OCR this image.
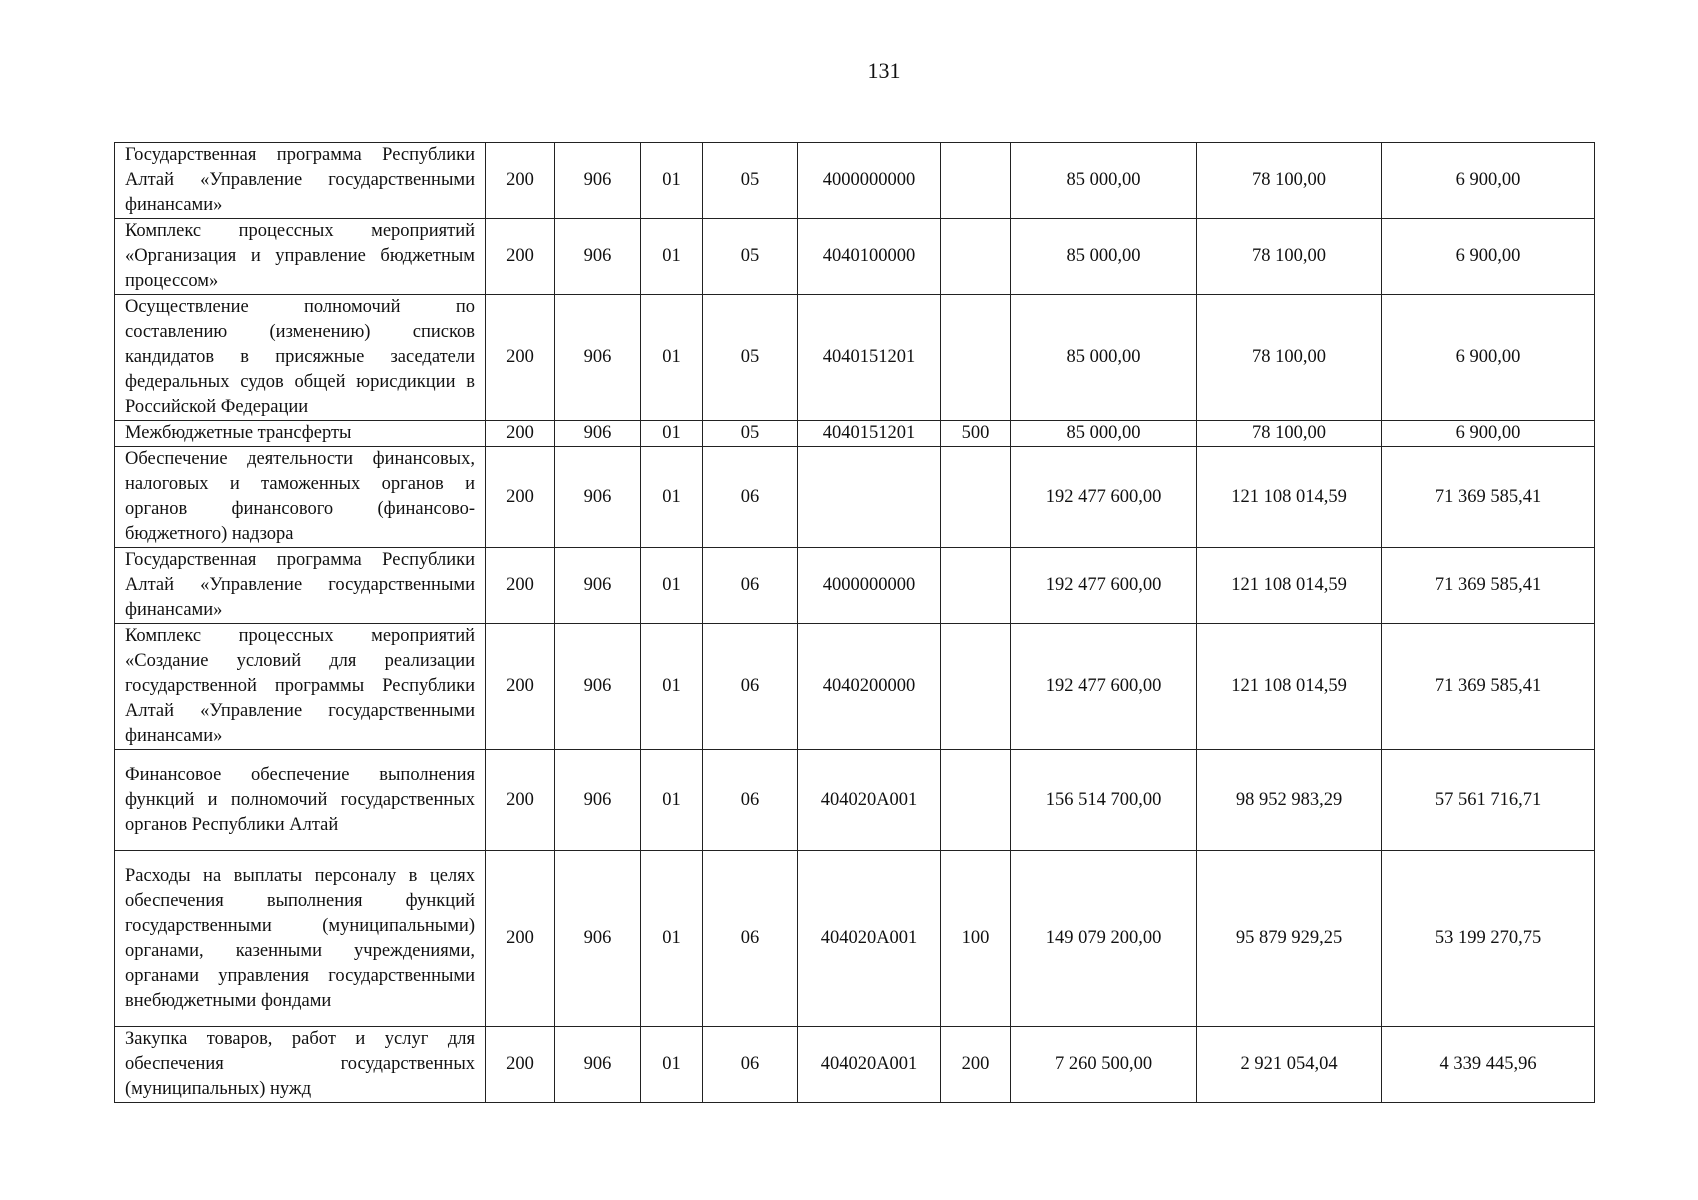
131
Государственная программа Республики Алтай «Управление государственными финансами»	200	906	01	05	4000000000		85 000,00	78 100,00	6 900,00
Комплекс процессных мероприятий «Организация и управление бюджетным процессом»	200	906	01	05	4040100000		85 000,00	78 100,00	6 900,00
Осуществление полномочий по составлению (изменению) списков кандидатов в присяжные заседатели федеральных судов общей юрисдикции в Российской Федерации	200	906	01	05	4040151201		85 000,00	78 100,00	6 900,00
Межбюджетные трансферты	200	906	01	05	4040151201	500	85 000,00	78 100,00	6 900,00
Обеспечение деятельности финансовых, налоговых и таможенных органов и органов финансового (финансово-бюджетного) надзора	200	906	01	06			192 477 600,00	121 108 014,59	71 369 585,41
Государственная программа Республики Алтай «Управление государственными финансами»	200	906	01	06	4000000000		192 477 600,00	121 108 014,59	71 369 585,41
Комплекс процессных мероприятий «Создание условий для реализации государственной программы Республики Алтай «Управление государственными финансами»	200	906	01	06	4040200000		192 477 600,00	121 108 014,59	71 369 585,41
Финансовое обеспечение выполнения функций и полномочий государственных органов Республики Алтай	200	906	01	06	404020А001		156 514 700,00	98 952 983,29	57 561 716,71
Расходы на выплаты персоналу в целях обеспечения выполнения функций государственными (муниципальными) органами, казенными учреждениями, органами управления государственными внебюджетными фондами	200	906	01	06	404020А001	100	149 079 200,00	95 879 929,25	53 199 270,75
Закупка товаров, работ и услуг для обеспечения государственных (муниципальных) нужд	200	906	01	06	404020А001	200	7 260 500,00	2 921 054,04	4 339 445,96
